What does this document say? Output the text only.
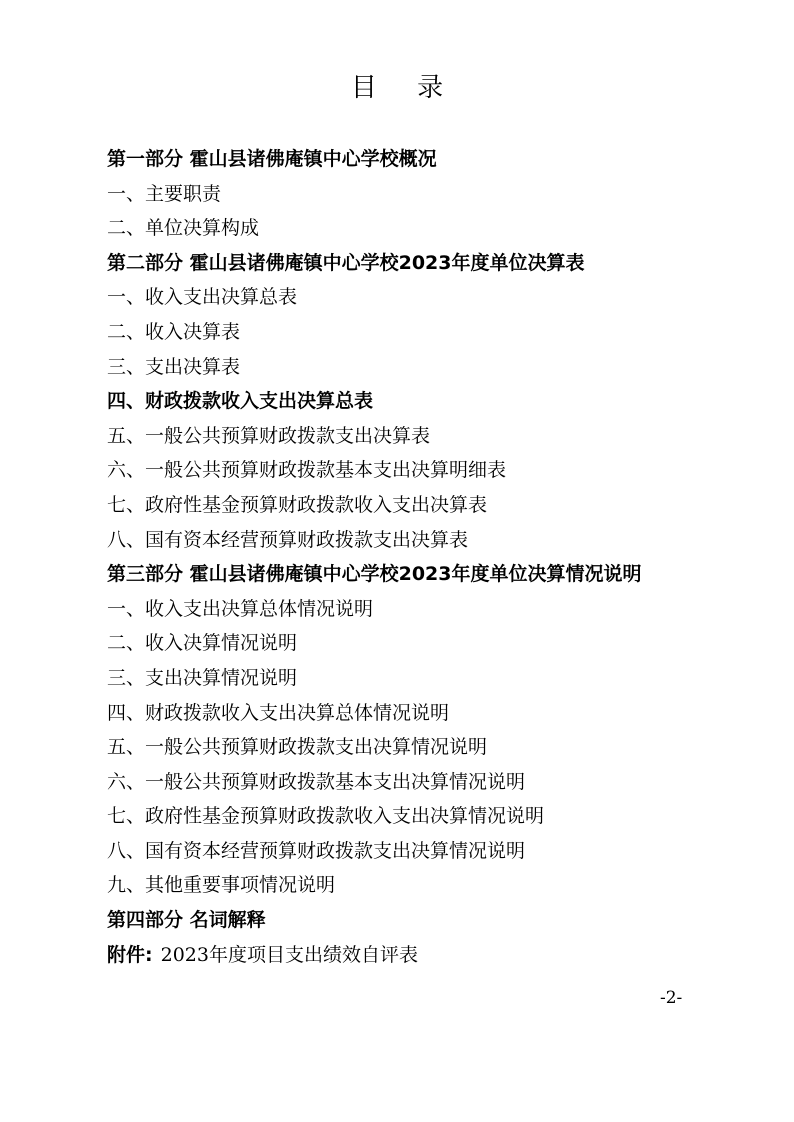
目 录
第一部分 霍山县诸佛庵镇中心学校概况
一、主要职责
二、单位决算构成
第二部分 霍山县诸佛庵镇中心学校2023年度单位决算表
一、收入支出决算总表
二、收入决算表
三、支出决算表
四、财政拨款收入支出决算总表
五、一般公共预算财政拨款支出决算表
六、一般公共预算财政拨款基本支出决算明细表
七、政府性基金预算财政拨款收入支出决算表
八、国有资本经营预算财政拨款支出决算表
第三部分 霍山县诸佛庵镇中心学校2023年度单位决算情况说明
一、收入支出决算总体情况说明
二、收入决算情况说明
三、支出决算情况说明
四、财政拨款收入支出决算总体情况说明
五、一般公共预算财政拨款支出决算情况说明
六、一般公共预算财政拨款基本支出决算情况说明
七、政府性基金预算财政拨款收入支出决算情况说明
八、国有资本经营预算财政拨款支出决算情况说明
九、其他重要事项情况说明
第四部分 名词解释
附件: 2023年度项目支出绩效自评表
-2-
